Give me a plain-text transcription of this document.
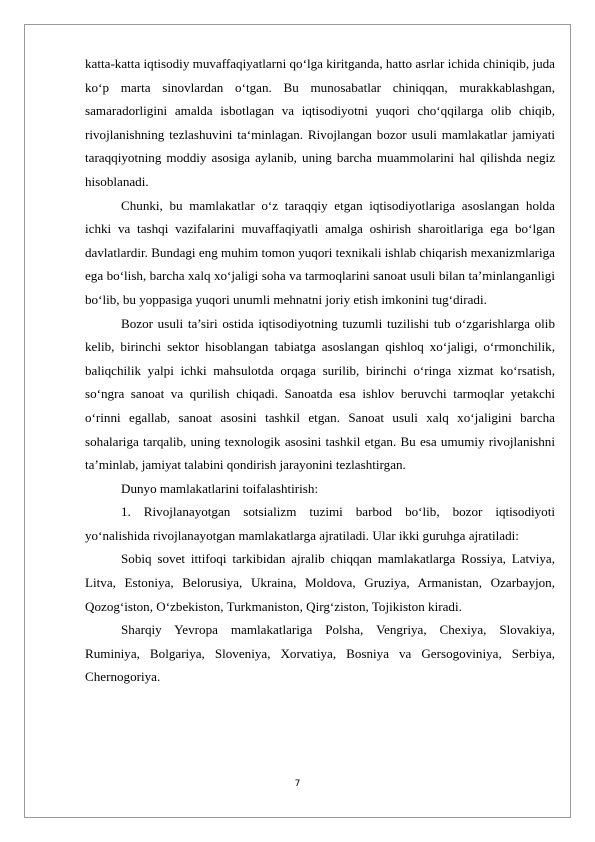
katta-katta iqtisodiy muvaffaqiyatlarni qo‘lga kiritganda, hatto asrlar ichida chiniqib, juda ko‘p marta sinovlardan o‘tgan. Bu munosabatlar chiniqqan, murakkablashgan, samaradorligini amalda isbotlagan va iqtisodiyotni yuqori cho‘qqilarga olib chiqib, rivojlanishning tezlashuvini ta‘minlagan. Rivojlangan bozor usuli mamlakatlar jamiyati taraqqiyotning moddiy asosiga aylanib, uning barcha muammolarini hal qilishda negiz hisoblanadi.

Chunki, bu mamlakatlar o‘z taraqqiy etgan iqtisodiyotlariga asoslangan holda ichki va tashqi vazifalarini muvaffaqiyatli amalga oshirish sharoitlariga ega bo‘lgan davlatlardir. Bundagi eng muhim tomon yuqori texnikali ishlab chiqarish mexanizmlariga ega bo‘lish, barcha xalq xo‘jaligi soha va tarmoqlarini sanoat usuli bilan ta’minlanganligi bo‘lib, bu yoppasiga yuqori unumli mehnatni joriy etish imkonini tug‘diradi.

Bozor usuli ta’siri ostida iqtisodiyotning tuzumli tuzilishi tub o‘zgarishlarga olib kelib, birinchi sektor hisoblangan tabiatga asoslangan qishloq xo‘jaligi, o‘rmonchilik, baliqchilik yalpi ichki mahsulotda orqaga surilib, birinchi o‘ringa xizmat ko‘rsatish, so‘ngra sanoat va qurilish chiqadi. Sanoatda esa ishlov beruvchi tarmoqlar yetakchi o‘rinni egallab, sanoat asosini tashkil etgan. Sanoat usuli xalq xo‘jaligini barcha sohalariga tarqalib, uning texnologik asosini tashkil etgan. Bu esa umumiy rivojlanishni ta’minlab, jamiyat talabini qondirish jarayonini tezlashtirgan.

Dunyo mamlakatlarini toifalashtirish:

1. Rivojlanayotgan sotsializm tuzimi barbod bo‘lib, bozor iqtisodiyoti yo‘nalishida rivojlanayotgan mamlakatlarga ajratiladi. Ular ikki guruhga ajratiladi:

Sobiq sovet ittifoqi tarkibidan ajralib chiqqan mamlakatlarga Rossiya, Latviya, Litva, Estoniya, Belorusiya, Ukraina, Moldova, Gruziya, Armanistan, Ozarbayjon, Qozog‘iston, O‘zbekiston, Turkmaniston, Qirg‘ziston, Tojikiston kiradi.

Sharqiy Yevropa mamlakatlariga Polsha, Vengriya, Chexiya, Slovakiya, Ruminiya, Bolgariya, Sloveniya, Xorvatiya, Bosniya va Gersogoviniya, Serbiya, Chernogoriya.

7
